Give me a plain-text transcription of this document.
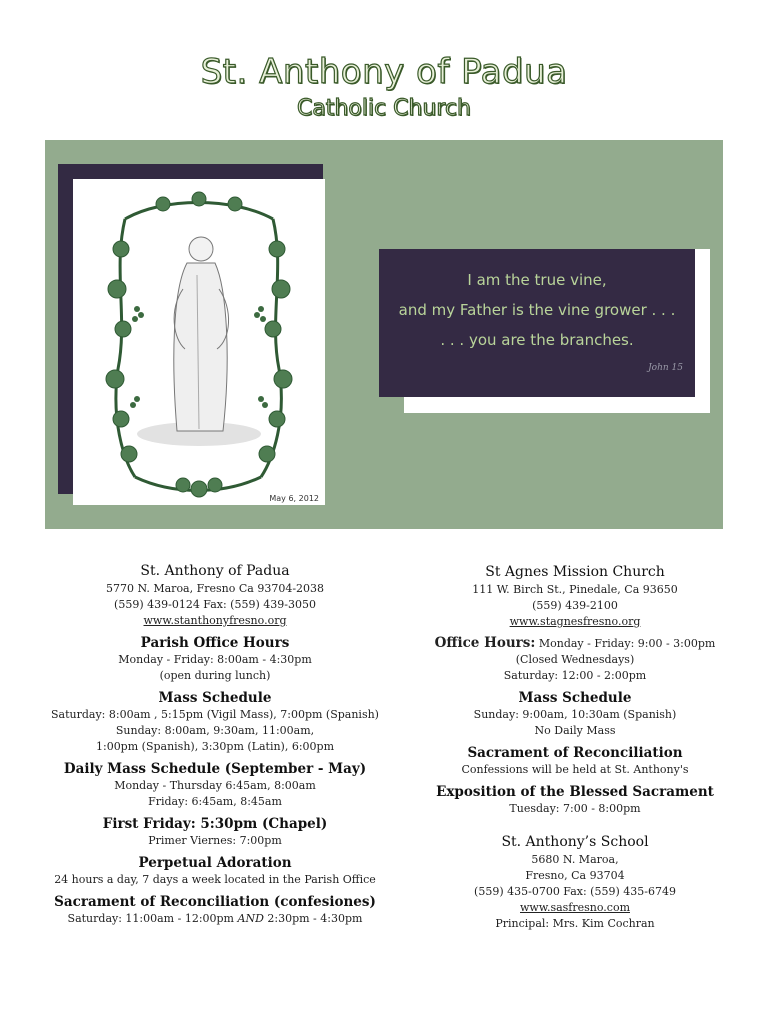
St. Anthony of Padua
Catholic Church
May 6, 2012
I am the true vine,
and my Father is the vine grower . . .
. . . you are the branches.
John 15

St. Anthony of Padua

5770 N. Maroa, Fresno Ca 93704-2038

(559) 439-0124 Fax: (559) 439-3050

www.stanthonyfresno.org

Parish Office Hours

Monday - Friday: 8:00am - 4:30pm

(open during lunch)

Mass Schedule

Saturday: 8:00am , 5:15pm (Vigil Mass), 7:00pm (Spanish)

Sunday: 8:00am, 9:30am, 11:00am,

1:00pm (Spanish), 3:30pm (Latin), 6:00pm

Daily Mass Schedule (September - May)

Monday - Thursday 6:45am, 8:00am

Friday: 6:45am, 8:45am

First Friday: 5:30pm (Chapel)

Primer Viernes: 7:00pm

Perpetual Adoration

24 hours a day, 7 days a week located in the Parish Office

Sacrament of Reconciliation (confesiones)

Saturday: 11:00am - 12:00pm AND 2:30pm - 4:30pm

St Agnes Mission Church

111 W. Birch St., Pinedale, Ca 93650

(559) 439-2100

www.stagnesfresno.org

Office Hours: Monday - Friday: 9:00 - 3:00pm

(Closed Wednesdays)

Saturday: 12:00 - 2:00pm

Mass Schedule

Sunday: 9:00am, 10:30am (Spanish)

No Daily Mass

Sacrament of Reconciliation

Confessions will be held at St. Anthony's

Exposition of the Blessed Sacrament

Tuesday: 7:00 - 8:00pm

St. Anthony’s School

5680 N. Maroa,

Fresno, Ca 93704

(559) 435-0700 Fax: (559) 435-6749

www.sasfresno.com

Principal: Mrs. Kim Cochran
